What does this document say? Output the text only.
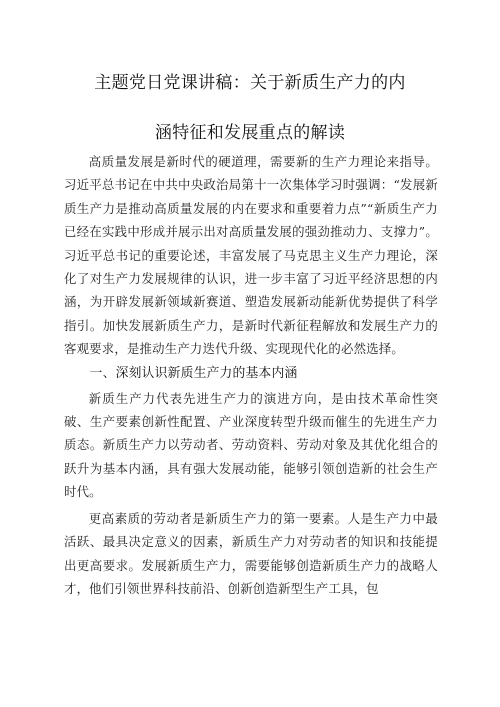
主题党日党课讲稿：关于新质生产力的内
涵特征和发展重点的解读

高质量发展是新时代的硬道理，需要新的生产力理论来指导。习近平总书记在中共中央政治局第十一次集体学习时强调：“发展新质生产力是推动高质量发展的内在要求和重要着力点”“新质生产力已经在实践中形成并展示出对高质量发展的强劲推动力、支撑力”。习近平总书记的重要论述，丰富发展了马克思主义生产力理论，深化了对生产力发展规律的认识，进一步丰富了习近平经济思想的内涵，为开辟发展新领域新赛道、塑造发展新动能新优势提供了科学指引。加快发展新质生产力，是新时代新征程解放和发展生产力的客观要求，是推动生产力迭代升级、实现现代化的必然选择。

一、深刻认识新质生产力的基本内涵

新质生产力代表先进生产力的演进方向，是由技术革命性突破、生产要素创新性配置、产业深度转型升级而催生的先进生产力质态。新质生产力以劳动者、劳动资料、劳动对象及其优化组合的跃升为基本内涵，具有强大发展动能，能够引领创造新的社会生产时代。

更高素质的劳动者是新质生产力的第一要素。人是生产力中最活跃、最具决定意义的因素，新质生产力对劳动者的知识和技能提出更高要求。发展新质生产力，需要能够创造新质生产力的战略人才，他们引领世界科技前沿、创新创造新型生产工具，包
